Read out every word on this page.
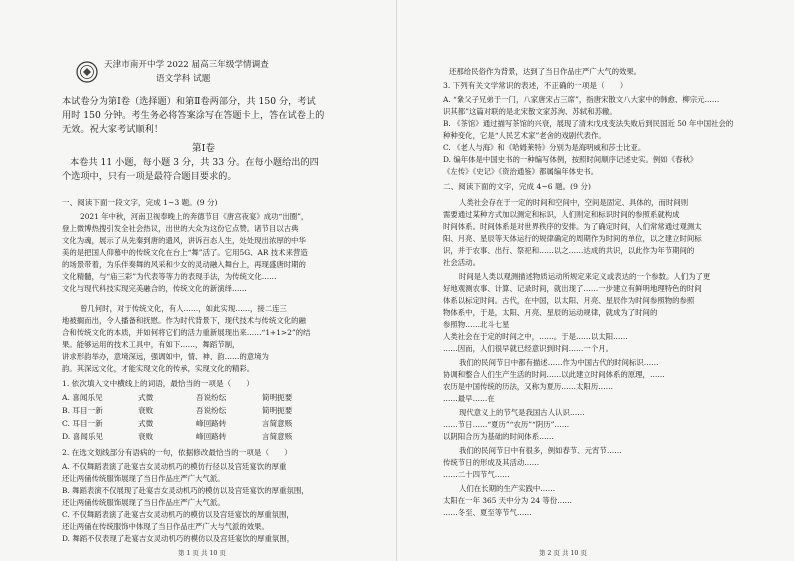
天津市南开中学 2022 届高三年级学情调查
语文学科 试题
本试卷分为第Ⅰ卷（选择题）和第Ⅱ卷两部分，共 150 分，考试
用时 150 分钟。考生务必将答案涂写在答题卡上，答在试卷上的
无效。祝大家考试顺利！
第Ⅰ卷
本卷共 11 小题，每小题 3 分，共 33 分。在每小题给出的四
个选项中，只有一项是最符合题目要求的。
一、阅读下面一段文字，完成 1~3 题。(9 分)
2021 年中秋，河南卫视奉晚上的奔德节目《唐宫夜宴》成功“出圈”，
登上微博热搜引发全社会热议，出世的大众为这份它点赞。诸节目以古典
文化为魂，展示了从先秦到唐的遗风，讲诉百态人生，处处现出浓厚的中华
美的是把国人仰慕中的传统文化在台上“舞”活了。它用5G、AR 技术来营造
的场景带着，为乐伴奏舞的风采和少女的灵动融入舞台上，再现盛唐时期的
文化精髓，与“庙三彩”为代表等等力的表现手法，为传统文化……
文化与现代科技实现完美融合的，传统文化的新演绎……
曾几何时，对于传统文化，有人……，如此实现……，接二连三
地被搁而出，令人播备和抚慰。作为时代背景下，现代技术与传统文化的融
合和传统文化的本质，并如何将它们的活力重新展现出来……“1+1>2”的结
果。能够运用的技术工具中，有如下……，舞蹈节制，
讲求形韵举办，意境深远，强调如中，情、神、韵……的意境为
韵。其深远文化，才能实现文化的传承，实现文化的精彩。
1. 依次填入文中横线上的词语，最恰当的一项是（　　）
A. 喜闻乐见	式微	吾说纷纭	简明扼要
B. 耳目一新	衰败	吾说纷纭	简明扼要
C. 耳目一新	式微	峰回路转	言简意赅
D. 喜闻乐见	衰败	峰回路转	言简意赅
2. 在选文划线部分有语病的一句，依据修改最恰当的一项是（　　）
A. 不仅舞蹈表演了赴宴吉女灵动机巧的模仿行径以及宫廷宴饮的厚重
还让两俑传统服饰展现了当日作品庄严广大气派。
B. 舞蹈表演不仅展现了赴宴吉女灵动机巧的模仿以及宫廷宴饮的厚重氛围，
还让两俑传统服饰展现了当日作品庄严广大气派。
C. 不仅舞蹈表演了赴宴吉女灵动机巧的模仿以及宫廷宴饮的厚重氛围，
还让两俑在传统服饰中体现了当日作品庄严广大与气派的效果。
D. 舞蹈不仅表现了赴宴吉女灵动机巧的模仿以及宫廷宴饮的厚重氛围，
第 1 页 共 10 页
还那给民俗作为背景，达到了当日作品庄严广大气的效果。
3. 下列有关文学常识的表述，不正确的一项是（　　）
A. “絫父子兄弟于一门，八家唐宋占三席”，指唐宋散文八大家中的韩愈、柳宗元……
识其都”这篇对联的是北宋散文家苏洵、苏轼和苏辙。
B. 《茶馆》通过描写茶馆的兴衰，展现了清末戊戌变法失败后到民国近 50 年中国社会的
种种变化，它是“人民艺术家”老舍的戏剧代表作。
C. 《老人与海》和《哈姆莱特》分别为是海明威和莎士比亚。
D. 编年体是中国史书的一种编写体例，按照时间顺序记述史实。例如《春秋》
《左传》《史记》《资治通鉴》都属编年体史书。
二、阅读下面的文字，完成 4~6 题。(9 分)
人类社会存在于一定的时间和空间中，空间是固定、具体的，而时间则
需要通过某种方式加以测定和标识，人们则定和标识时间的参照系就构成
时间体系。时间体系是对世界秩序的安排。为了确定时间，人们常常通过观测太
阳、月亮、星辰等天体运行的规律确定的周期作为时间的单位，以之建立时间标
识，并于农事、出行、祭祀和……以之……达成的共识，以此作为年节期间的
社会活动。
时间是人类以观测描述物质运动所规定来定义或表达的一个参数。人们为了更
好地观测农事、计算、记录时间，就出现了……一步建立有鲜明地理特色的时间
体系以标定时间。古代，在中国，以太阳、月亮、星辰作为时间参照物的参照
物体系中，于是，太阳、月亮、星辰的运动规律，就成为了时间的
参照物……北斗七星
人类社会在于定的时间之中，……。于是……以太阳……
……因而，人们很早就已经意识到时间……一个月。
我们的民间节日中都有描述……作为中国古代的时间标识……
协调和整合人们生产生活的时间……以此建立时间体系的原理，……
农历是中国传统的历法，又称为夏历……太阳历……
……最早……在
现代意义上的节气是我国古人认识……
……节日……“夏历”“农历”“阴历”……
以阴阳合历为基础的时间体系……
我们的民间节日中有很多，例如春节、元宵节……
传统节日的形成及其活动……
……二十四节气……
人们在长期的生产实践中……
太阳在一年 365 天中分为 24 等份……
……冬至、夏至等节气……
第 2 页 共 10 页
